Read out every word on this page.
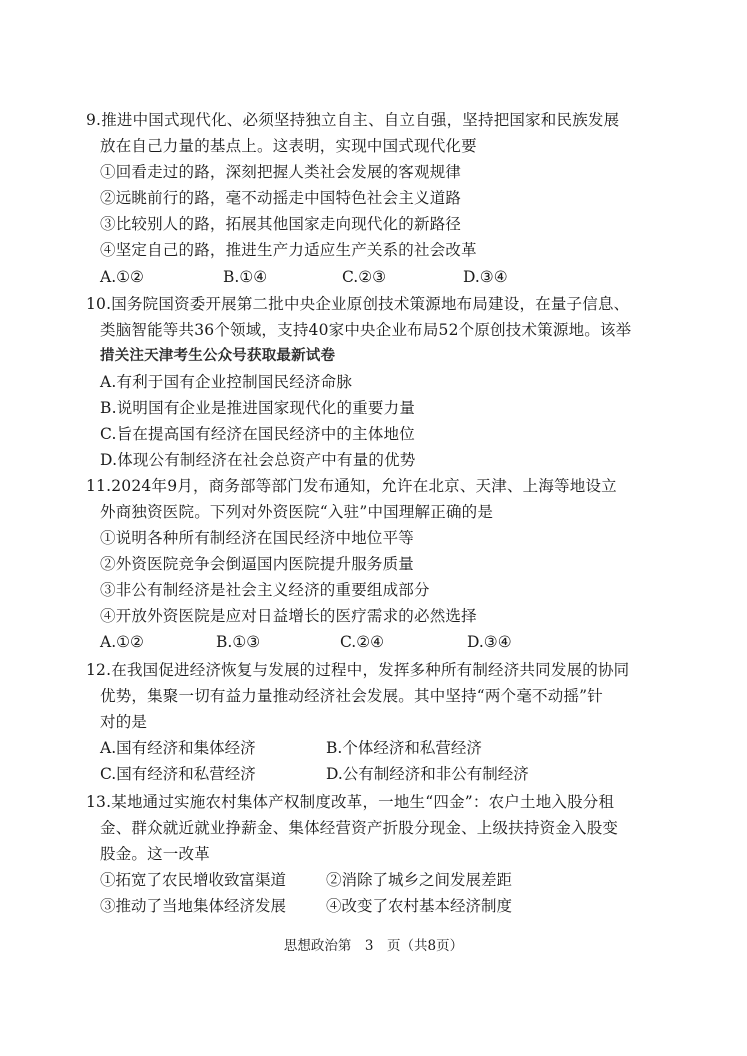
9.推进中国式现代化、必须坚持独立自主、自立自强，坚持把国家和民族发展
放在自己力量的基点上。这表明，实现中国式现代化要
①回看走过的路，深刻把握人类社会发展的客观规律
②远眺前行的路，毫不动摇走中国特色社会主义道路
③比较别人的路，拓展其他国家走向现代化的新路径
④坚定自己的路，推进生产力适应生产关系的社会改革
A.①②	B.①④	C.②③	D.③④
10.国务院国资委开展第二批中央企业原创技术策源地布局建设，在量子信息、
类脑智能等共36个领域，支持40家中央企业布局52个原创技术策源地。该举
措关注天津考生公众号获取最新试卷
A.有利于国有企业控制国民经济命脉
B.说明国有企业是推进国家现代化的重要力量
C.旨在提高国有经济在国民经济中的主体地位
D.体现公有制经济在社会总资产中有量的优势
11.2024年9月，商务部等部门发布通知，允许在北京、天津、上海等地设立
外商独资医院。下列对外资医院“入驻”中国理解正确的是
①说明各种所有制经济在国民经济中地位平等
②外资医院竞争会倒逼国内医院提升服务质量
③非公有制经济是社会主义经济的重要组成部分
④开放外资医院是应对日益增长的医疗需求的必然选择
A.①②	B.①③	C.②④	D.③④
12.在我国促进经济恢复与发展的过程中，发挥多种所有制经济共同发展的协同
优势，集聚一切有益力量推动经济社会发展。其中坚持“两个毫不动摇”针
对的是
A.国有经济和集体经济	B.个体经济和私营经济
C.国有经济和私营经济	D.公有制经济和非公有制经济
13.某地通过实施农村集体产权制度改革，一地生“四金”：农户土地入股分租
金、群众就近就业挣薪金、集体经营资产折股分现金、上级扶持资金入股变
股金。这一改革
①拓宽了农民增收致富渠道	②消除了城乡之间发展差距
③推动了当地集体经济发展	④改变了农村基本经济制度
思想政治第　3　页（共8页）
